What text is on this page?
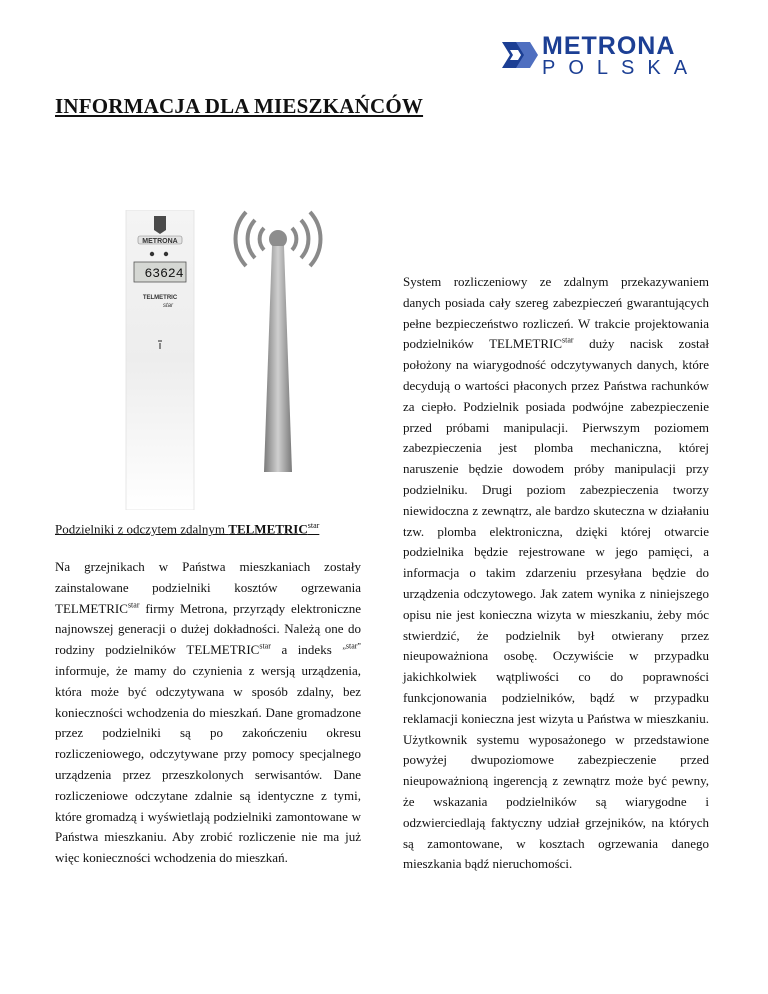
METRONA
POLSKA
INFORMACJA DLA MIESZKAŃCÓW
METRONA
63624
TELMETRIC
star
Podzielniki z odczytem zdalnym $TELMETRIC^{star}$
Na grzejnikach w Państwa mieszkaniach zostały zainstalowane podzielniki kosztów ogrzewania $TELMETRIC^{star}$ firmy Metrona, przyrządy elektroniczne najnowszej generacji o dużej dokładności. Należą one do rodziny podzielników $TELMETRIC^{star}$ a indeks $^{„star”}$ informuje, że mamy do czynienia z wersją urządzenia, która może być odczytywana w sposób zdalny, bez konieczności wchodzenia do mieszkań. Dane gromadzone przez podzielniki są po zakończeniu okresu rozliczeniowego, odczytywane przy pomocy specjalnego urządzenia przez przeszkolonych serwisantów. Dane rozliczeniowe odczytane zdalnie są identyczne z tymi, które gromadzą i wyświetlają podzielniki zamontowane w Państwa mieszkaniu. Aby zrobić rozliczenie nie ma już więc konieczności wchodzenia do mieszkań.
System rozliczeniowy ze zdalnym przekazywaniem danych posiada cały szereg zabezpieczeń gwarantujących pełne bezpieczeństwo rozliczeń. W trakcie projektowania podzielników $TELMETRIC^{star}$ duży nacisk został położony na wiarygodność odczytywanych danych, które decydują o wartości płaconych przez Państwa rachunków za ciepło. Podzielnik posiada podwójne zabezpieczenie przed próbami manipulacji. Pierwszym poziomem zabezpieczenia jest plomba mechaniczna, której naruszenie będzie dowodem próby manipulacji przy podzielniku. Drugi poziom zabezpieczenia tworzy niewidoczna z zewnątrz, ale bardzo skuteczna w działaniu tzw. plomba elektroniczna, dzięki której otwarcie podzielnika będzie rejestrowane w jego pamięci, a informacja o takim zdarzeniu przesyłana będzie do urządzenia odczytowego. Jak zatem wynika z niniejszego opisu nie jest konieczna wizyta w mieszkaniu, żeby móc stwierdzić, że podzielnik był otwierany przez nieupoważniona osobę. Oczywiście w przypadku jakichkolwiek wątpliwości co do poprawności funkcjonowania podzielników, bądź w przypadku reklamacji konieczna jest wizyta u Państwa w mieszkaniu. Użytkownik systemu wyposażonego w przedstawione powyżej dwupoziomowe zabezpieczenie przed nieupoważnioną ingerencją z zewnątrz może być pewny, że wskazania podzielników są wiarygodne i odzwierciedlają faktyczny udział grzejników, na których są zamontowane, w kosztach ogrzewania danego mieszkania bądź nieruchomości.
